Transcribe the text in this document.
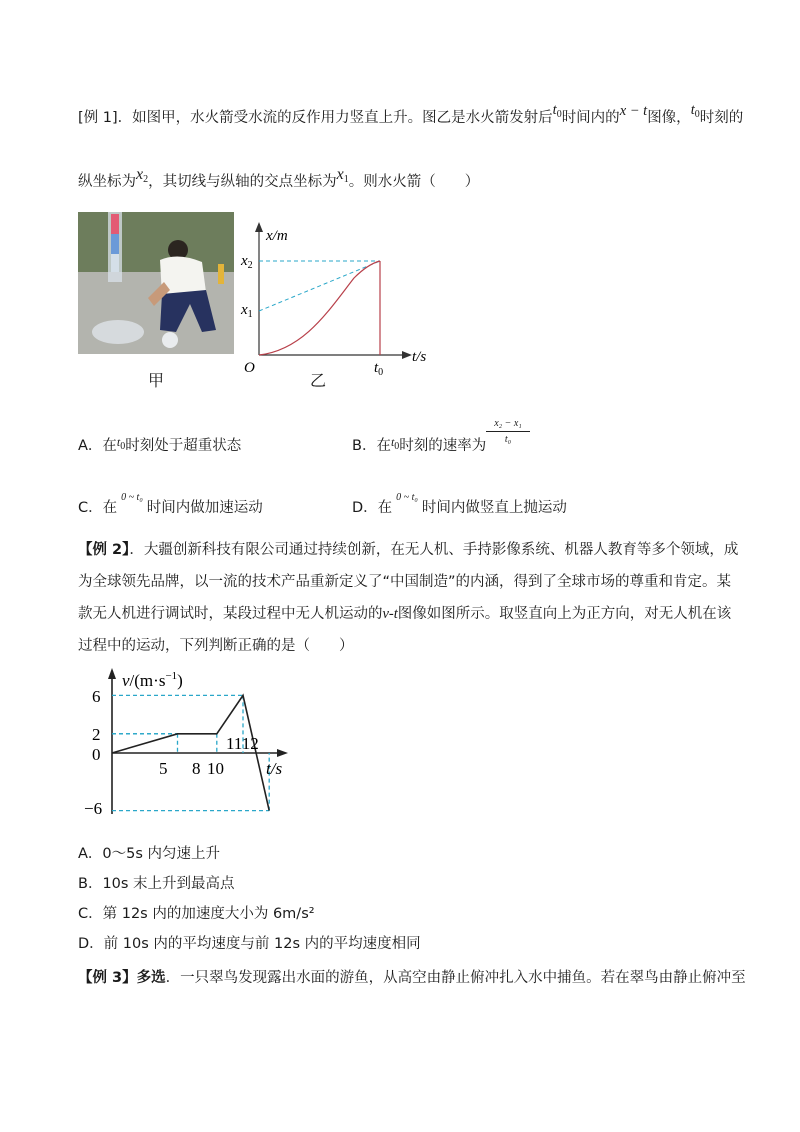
[例 1]．如图甲，水火箭受水流的反作用力竖直上升。图乙是水火箭发射后$t_0$时间内的x − t图像，$t_0$时刻的
纵坐标为$x_2$，其切线与纵轴的交点坐标为$x_1$。则水火箭（　　）
甲
x/m
t/s
O
$x_2$
$x_1$
$t_0$
乙
A．在$^{t_0}$时刻处于超重状态	B．在$^{t_0}$时刻的速率为
x₂ − x₁
t₀
C．在$^{0 \sim t_0}$时间内做加速运动	D．在$^{0 \sim t_0}$时间内做竖直上抛运动
【例 2】．大疆创新科技有限公司通过持续创新，在无人机、手持影像系统、机器人教育等多个领域，成
为全球领先品牌，以一流的技术产品重新定义了“中国制造”的内涵，得到了全球市场的尊重和肯定。某
款无人机进行调试时，某段过程中无人机运动的v-t图像如图所示。取竖直向上为正方向，对无人机在该
过程中的运动，下列判断正确的是（　　）
$v/(m\cdot s^{-1})$
t/s
6
2
0
−6
5 8 10
1112
A．0～5s 内匀速上升
B．10s 末上升到最高点
C．第 12s 内的加速度大小为 6m/s²
D．前 10s 内的平均速度与前 12s 内的平均速度相同
【例 3】多选．一只翠鸟发现露出水面的游鱼，从高空由静止俯冲扎入水中捕鱼。若在翠鸟由静止俯冲至
